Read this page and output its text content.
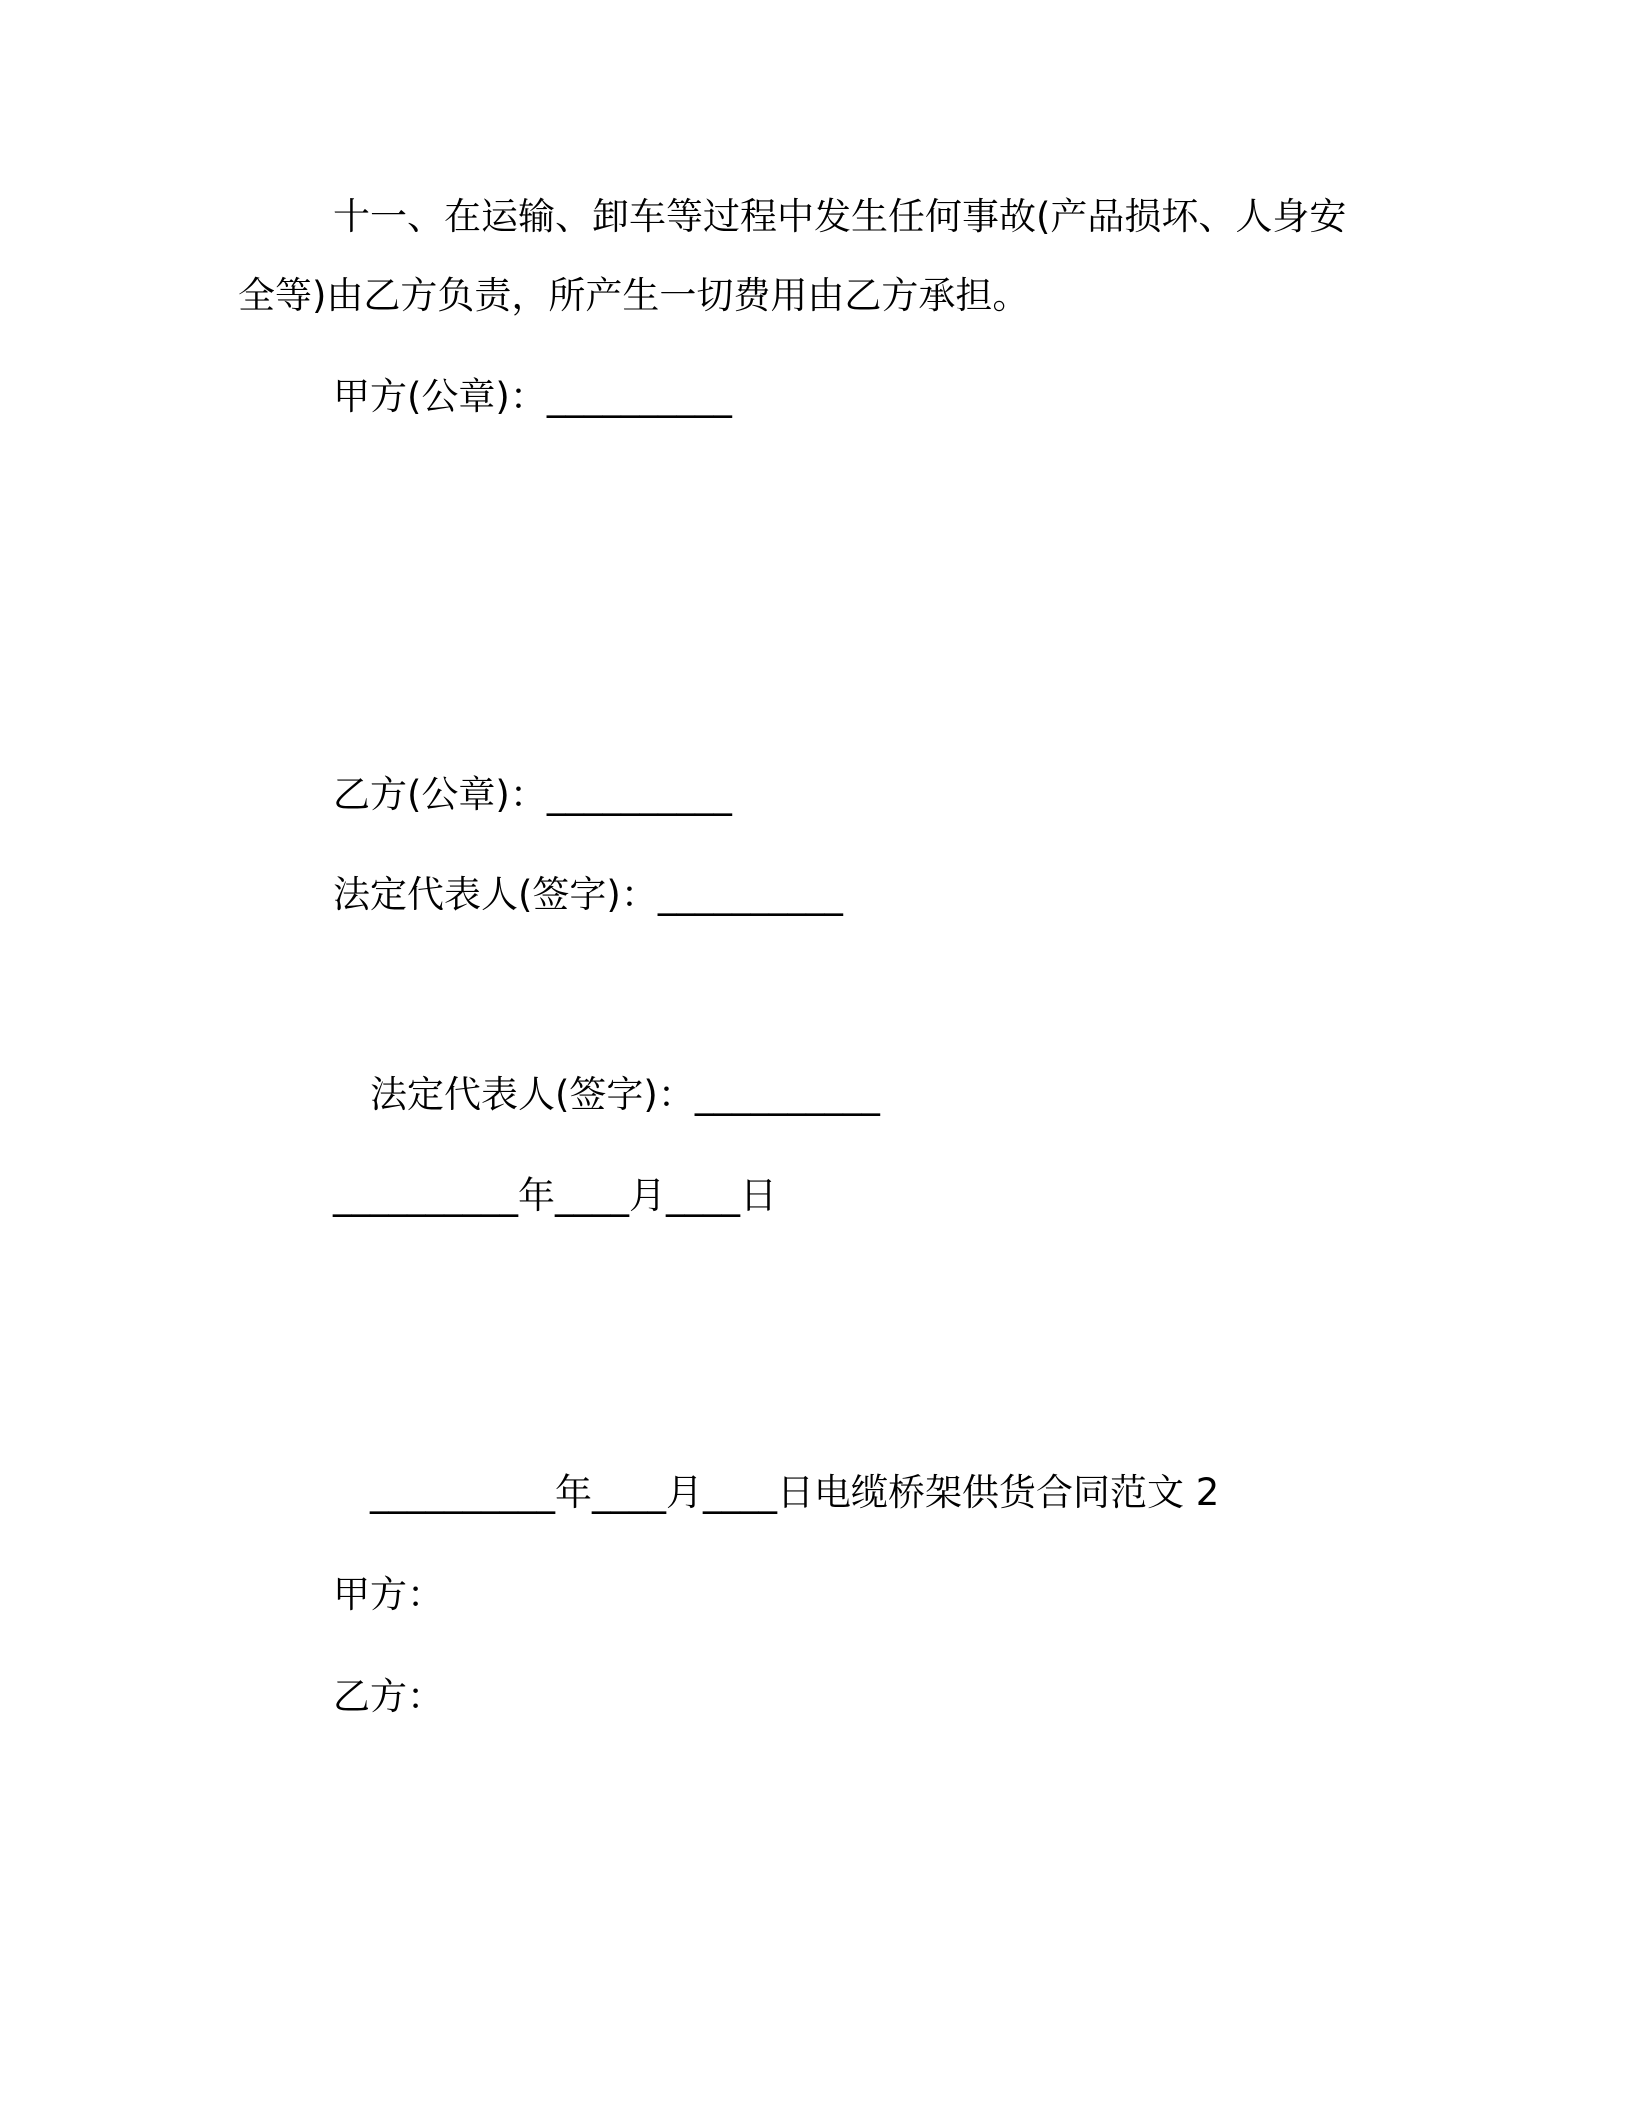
十一、在运输、卸车等过程中发生任何事故(产品损坏、人身安

全等)由乙方负责，所产生一切费用由乙方承担。

甲方(公章)：__________

乙方(公章)：__________

法定代表人(签字)：__________

法定代表人(签字)：__________

__________年____月____日

__________年____月____日电缆桥架供货合同范文 2

甲方：

乙方：
